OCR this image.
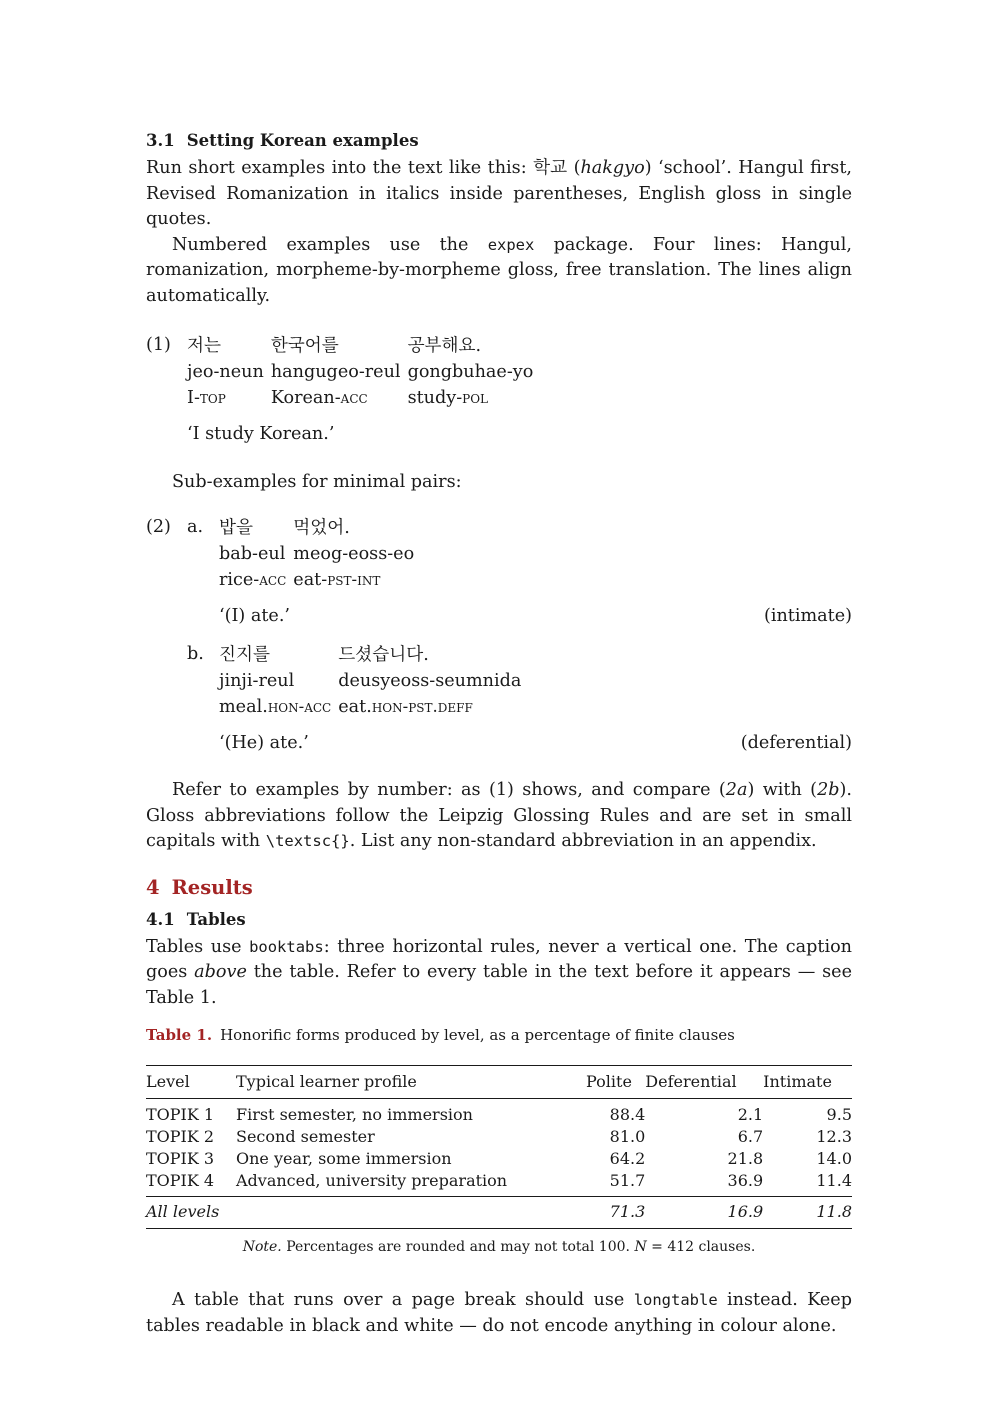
3.1 Setting Korean examples

Run short examples into the text like this: 학교 (hakgyo) ‘school’. Hangul first, Revised Romanization in italics inside parentheses, English gloss in single quotes.

Numbered examples use the expex package. Four lines: Hangul, romanization, morpheme-by-morpheme gloss, free translation. The lines align automatically.

(1) 저는	한국어를	공부해요.
jeo-neun	hangugeo-reul	gongbuhae-yo
I-top	Korean-acc	study-pol
‘I study Korean.’

Sub-examples for minimal pairs:

(2) a. 밥을	먹었어.
bab-eul	meog-eoss-eo
rice-acc	eat-pst-int
‘(I) ate.’	(intimate)
b. 진지를	드셨습니다.
jinji-reul	deusyeoss-seumnida
meal.hon-acc	eat.hon-pst.deff
‘(He) ate.’	(deferential)

Refer to examples by number: as (1) shows, and compare (2a) with (2b). Gloss abbreviations follow the Leipzig Glossing Rules and are set in small capitals with \textsc{}. List any non-standard abbreviation in an appendix.

4 Results
4.1 Tables

Tables use booktabs: three horizontal rules, never a vertical one. The caption goes above the table. Refer to every table in the text before it appears — see Table 1.

Table 1. Honorific forms produced by level, as a percentage of finite clauses
Level	Typical learner profile	Polite	Deferential	Intimate
TOPIK 1	First semester, no immersion	88.4	2.1	9.5
TOPIK 2	Second semester	81.0	6.7	12.3
TOPIK 3	One year, some immersion	64.2	21.8	14.0
TOPIK 4	Advanced, university preparation	51.7	36.9	11.4
All levels		71.3	16.9	11.8
Note. Percentages are rounded and may not total 100. N = 412 clauses.

A table that runs over a page break should use longtable instead. Keep tables readable in black and white — do not encode anything in colour alone.
